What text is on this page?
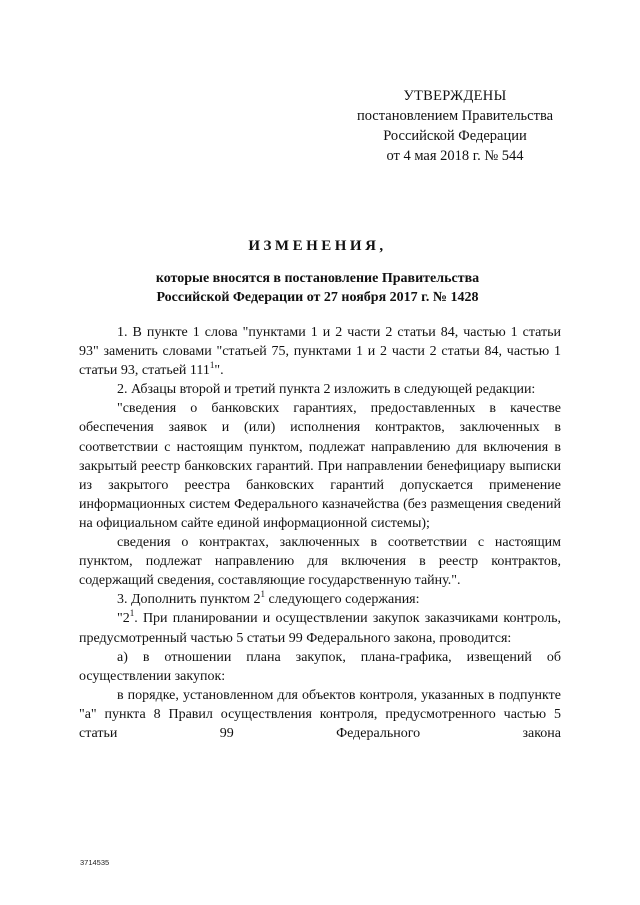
УТВЕРЖДЕНЫ
постановлением Правительства
Российской Федерации
от 4 мая 2018 г. № 544
ИЗМЕНЕНИЯ,
которые вносятся в постановление Правительства
Российской Федерации от 27 ноября 2017 г. № 1428

1. В пункте 1 слова "пунктами 1 и 2 части 2 статьи 84, частью 1 статьи 93" заменить словами "статьей 75, пунктами 1 и 2 части 2 статьи 84, частью 1 статьи 93, статьей $111^1$".

2. Абзацы второй и третий пункта 2 изложить в следующей редакции:

"сведения о банковских гарантиях, предоставленных в качестве обеспечения заявок и (или) исполнения контрактов, заключенных в соответствии с настоящим пунктом, подлежат направлению для включения в закрытый реестр банковских гарантий. При направлении бенефициару выписки из закрытого реестра банковских гарантий допускается применение информационных систем Федерального казначейства (без размещения сведений на официальном сайте единой информационной системы);

сведения о контрактах, заключенных в соответствии с настоящим пунктом, подлежат направлению для включения в реестр контрактов, содержащий сведения, составляющие государственную тайну.".

3. Дополнить пунктом $2^1$ следующего содержания:

"$2^1$. При планировании и осуществлении закупок заказчиками контроль, предусмотренный частью 5 статьи 99 Федерального закона, проводится:

а) в отношении плана закупок, плана-графика, извещений об осуществлении закупок:

в порядке, установленном для объектов контроля, указанных в подпункте "а" пункта 8 Правил осуществления контроля, предусмотренного частью 5 статьи 99 Федерального закона

3714535
